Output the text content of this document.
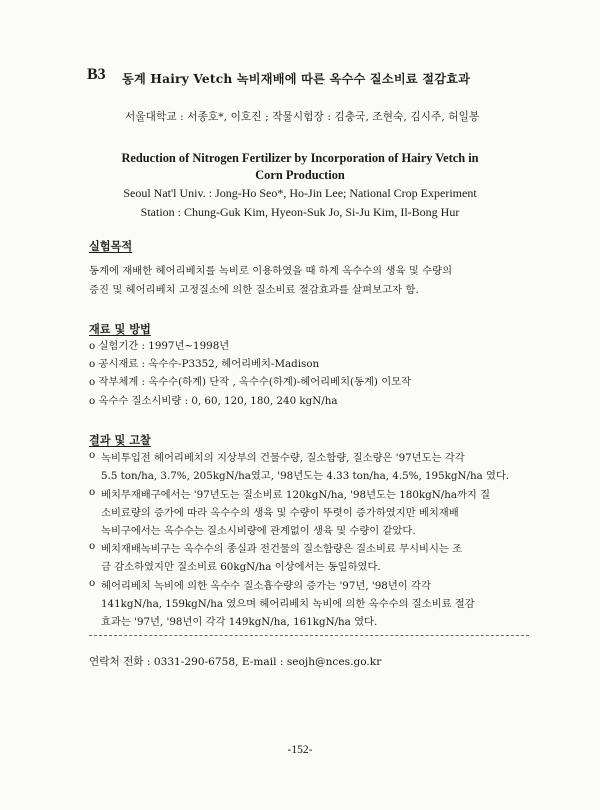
B3 동계 Hairy Vetch 녹비재배에 따른 옥수수 질소비료 절감효과
서울대학교 : 서종호*, 이호진 ; 작물시험장 : 김충국, 조현숙, 김시주, 허일봉
Reduction of Nitrogen Fertilizer by Incorporation of Hairy Vetch in
Corn Production
Seoul Nat'l Univ. : Jong-Ho Seo*, Ho-Jin Lee; National Crop Experiment
Station : Chung-Guk Kim, Hyeon-Suk Jo, Si-Ju Kim, Il-Bong Hur
실험목적
동계에 재배한 헤어리베치를 녹비로 이용하였을 때 하계 옥수수의 생육 및 수량의
증진 및 헤어리베치 고정질소에 의한 질소비료 절감효과를 살펴보고자 함.
재료 및 방법
o 실험기간 : 1997년~1998년
o 공시재료 : 옥수수-P3352, 헤어리베치-Madison
o 작부체계 : 옥수수(하계) 단작 , 옥수수(하계)-헤어리베치(동계) 이모작
o 옥수수 질소시비량 : 0, 60, 120, 180, 240 kgN/ha
결과 및 고찰
o 녹비투입전 헤어리베치의 지상부의 건물수량, 질소함량, 질소량은 '97년도는 각각
5.5 ton/ha, 3.7%, 205kgN/ha였고, '98년도는 4.33 ton/ha, 4.5%, 195kgN/ha 였다.
o 베치무재배구에서는 '97년도는 질소비료 120kgN/ha, '98년도는 180kgN/ha까지 질
소비료량의 증가에 따라 옥수수의 생육 및 수량이 뚜렷이 증가하였지만 베치재배
녹비구에서는 옥수수는 질소시비량에 관계없이 생육 및 수량이 같았다.
o 베치재배녹비구는 옥수수의 종실과 전건물의 질소함량은 질소비료 무시비시는 조
금 감소하였지만 질소비료 60kgN/ha 이상에서는 동일하였다.
o 헤어리베치 녹비에 의한 옥수수 질소흡수량의 증가는 '97년, '98년이 각각
141kgN/ha, 159kgN/ha 였으며 헤어리베치 녹비에 의한 옥수수의 질소비료 절감
효과는 '97년, '98년이 각각 149kgN/ha, 161kgN/ha 였다.
연락처 전화 : 0331-290-6758, E-mail : seojh@nces.go.kr
-152-
